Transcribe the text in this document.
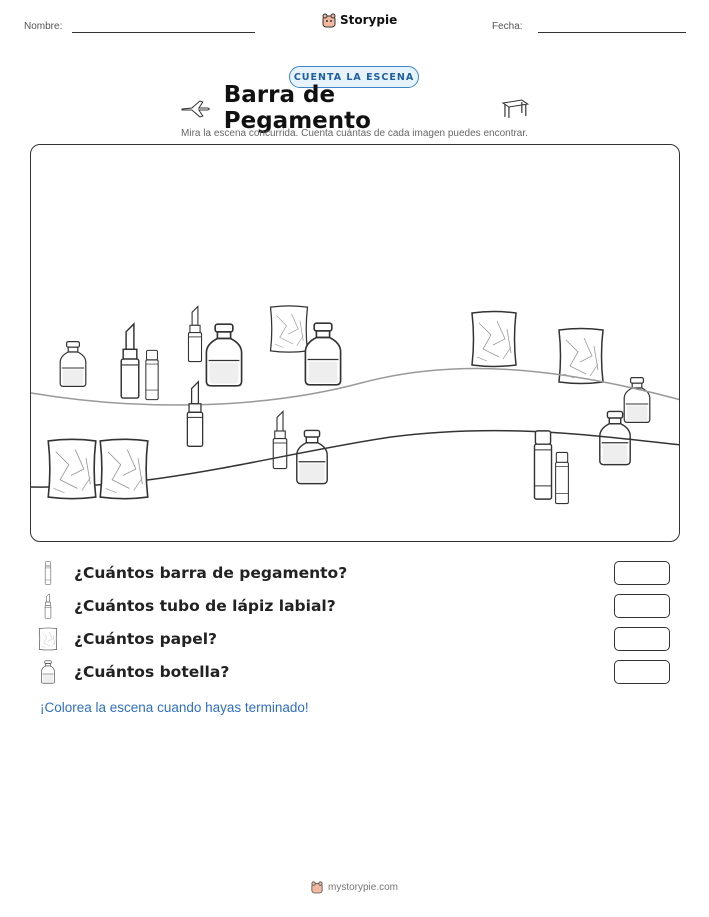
Nombre:	Storypie	Fecha:
CUENTA LA ESCENA
Barra de Pegamento
Mira la escena concurrida. Cuenta cuántas de cada imagen puedes encontrar.
¿Cuántos barra de pegamento?
¿Cuántos tubo de lápiz labial?
¿Cuántos papel?
¿Cuántos botella?
¡Colorea la escena cuando hayas terminado!
mystorypie.com
